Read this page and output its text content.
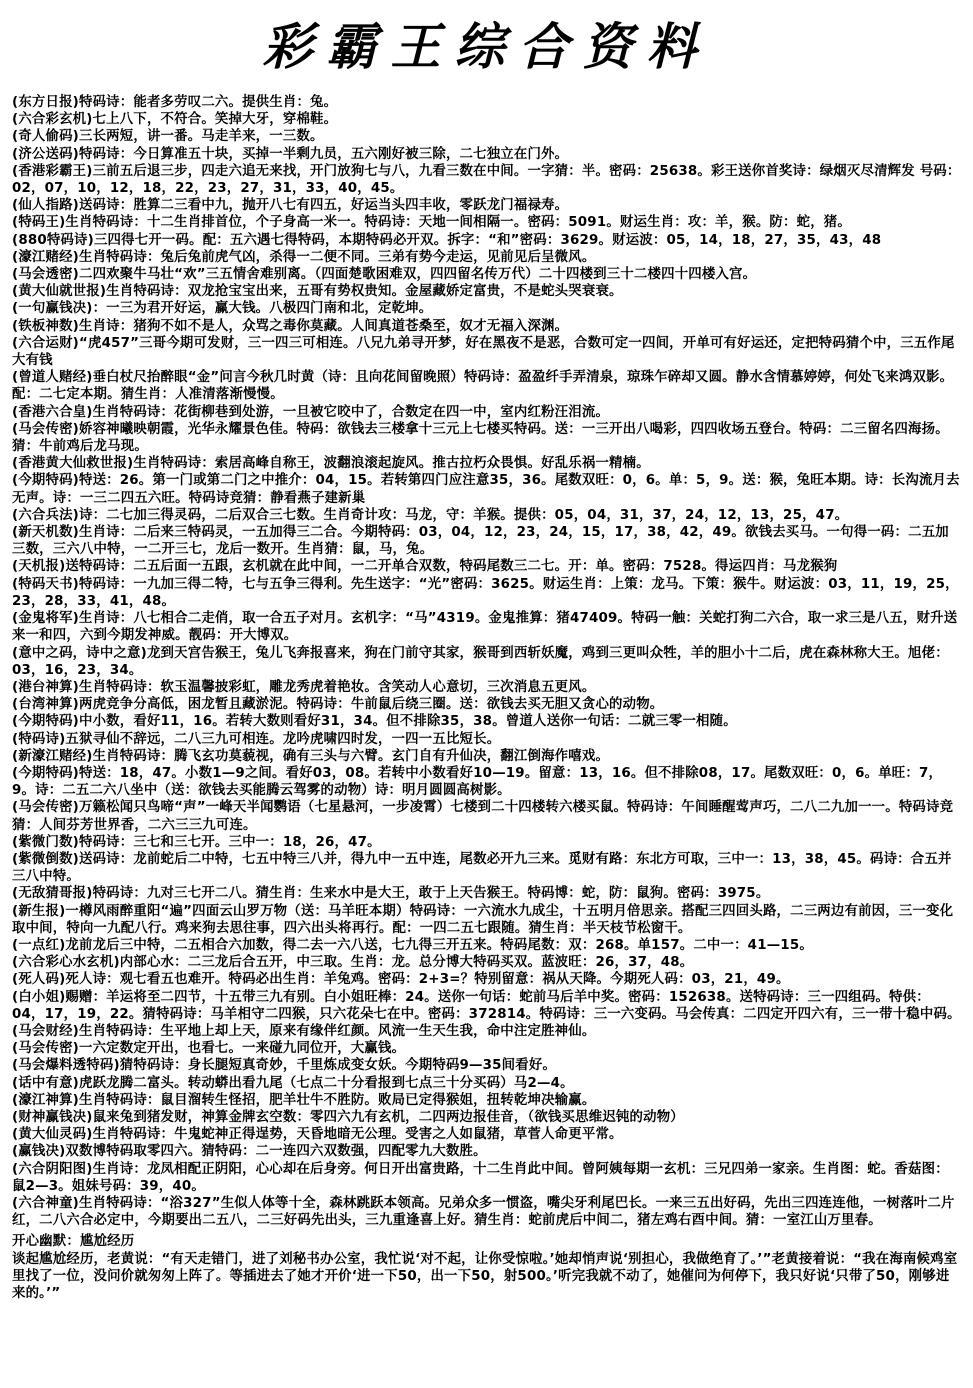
彩霸王综合资料

(东方日报)特码诗：能者多劳叹二六。提供生肖：兔。

(六合彩玄机)七上八下，不符合。笑掉大牙，穿棉鞋。

(奇人偷码)三长两短，讲一番。马走羊来，一三数。

(济公送码)特码诗：今日算准五十块，买掉一半剩九员，五六刚好被三除，二七独立在门外。

(香港彩霸王)三前五后退三步，四走六追无来找，开门放狗七与八，九看三数在中间。一字猜：半。密码：25638。彩王送你首奖诗：绿烟灭尽清辉发 号码：02，07，10，12，18，22，23，27，31，33，40，45。

(仙人指路)送码诗：胜算二三看中九，抛开八七有四五，好运当头四丰收，零跃龙门福禄寿。

(特码王)生肖特码诗：十二生肖排首位，个子身高一米一。特码诗：天地一间相隔一。密码：5091。财运生肖：攻：羊，猴。防：蛇，猪。

(880特码诗)三四得七开一码。配：五六遇七得特码，本期特码必开双。拆字：“和”密码：3629。财运波：05，14，18，27，35，43，48

(濠江赌经)生肖特码诗：兔后兔前虎气凶，杀得一二便不同。三弟有势今走运，见前见后呈微风。

(马会透密)二四欢聚牛马壮“欢”三五情舍难别离。（四面楚歌困难双，四四留名传万代）二十四楼到三十二楼四十四楼入宫。

(黄大仙就世报)生肖特码诗：双龙抢宝宝出来，五哥有势权贵知。金屋藏娇定富贵，不是蛇头哭衰衰。

(一句赢钱决)：一三为君开好运，赢大钱。八极四门南和北，定乾坤。

(铁板神数)生肖诗：猪狗不如不是人，众骂之毒你莫藏。人间真道苍桑至，奴才无福入深渊。

(六合运财)“虎457”三哥今期可发财，三一四三可相连。八兄九弟寻开梦，好在黑夜不是恶，合数可定一四间，开单可有好运还，定把特码猜个中，三五作尾大有钱

(曾道人赌经)垂白杖尺抬醉眼“金”问言今秋几时黄（诗：且向花间留晚照）特码诗：盈盈纤手弄清泉，琼珠乍碎却又圆。静水含情慕婷婷，何处飞来鸿双影。配：二七定本期。猜生肖：人准清落渐慢慢。

(香港六合皇)生肖特码诗：花街柳巷到处游，一旦被它咬中了，合数定在四一中，室内红粉汪泪流。

(马会传密)娇容神曦映朝霞，光华永耀景色佳。特码：欲钱去三楼拿十三元上七楼买特码。送：一三开出八喝彩，四四收场五登台。特码：二三留名四海扬。猜：牛前鸡后龙马现。

(香港黄大仙救世报)生肖特码诗：索居高峰自称王，波翻浪滚起旋风。推古拉朽众畏惧。好乱乐祸一精楠。

(今期特码)特送：26。第一门或第二门之中推介：04，15。若转第四门应注意35，36。尾数双旺：0，6。单：5，9。送：猴，兔旺本期。诗：长沟流月去无声。诗：一三二四五六旺。特码诗竞猜：静看燕子建新巢

(六合兵法)诗：二七加三得灵码，二后双合三七数。生肖奇计攻：马龙，守：羊猴。提供：05，04，31，37，24，12，13，25，47。

(新天机数)生肖诗：二后来三特码灵，一五加得三二合。今期特码：03，04，12，23，24，15，17，38，42，49。欲钱去买马。一句得一码：二五加三数，三六八中特，一二开三七，龙后一数开。生肖猜：鼠，马，兔。

(天机报)送特码诗：二五后面一五跟，玄机就在此中间，一二开单合双数，特码尾数三二七。开：单。密码：7528。得运四肖：马龙猴狗

(特码天书)特码诗：一九加三得二特，七与五争三得利。先生送字：“光”密码：3625。财运生肖：上策：龙马。下策：猴牛。财运波：03，11，19，25，23，28，33，41，48。

(金鬼将军)生肖诗：八七相合二走俏，取一合五子对月。玄机字：“马”4319。金鬼推算：猪47409。特码一触：关蛇打狗二六合，取一求三是八五，财升送来一和四，六到今期发神威。靓码：开大博双。

(意中之码，诗中之意)龙到天宫告猴王，兔儿飞奔报喜来，狗在门前守其家，猴哥到西斩妖魔，鸡到三更叫众牲，羊的胆小十二后，虎在森林称大王。旭佬：03，16，23，34。

(港台神算)生肖特码诗：软玉温馨披彩虹，雕龙秀虎着艳妆。含笑动人心意切，三次消息五更风。

(台湾神算)两虎竞争分高低，困龙暂且藏淤泥。特码诗：牛前鼠后绕三圈。送：欲钱去买无胆又贪心的动物。

(今期特码)中小数，看好11，16。若转大数则看好31，34。但不排除35，38。曾道人送你一句话：二就三零一相随。

(特码诗)五狱寻仙不辞远，二八三九可相连。龙吟虎啸四时发，一四一五比短长。

(新濠江赌经)生肖特码诗：腾飞玄功莫藐视，确有三头与六臂。玄门自有升仙决，翻江倒海作嘻戏。

(今期特码)特送：18，47。小数1—9之间。看好03，08。若转中小数看好10—19。留意：13，16。但不排除08，17。尾数双旺：0，6。单旺：7，9。诗：二五二六八坐中（送：欲钱去买能腾云驾雾的动物）诗：明月圆圆高树影。

(马会传密)万籁松闻只鸟啼“声”一峰天半闻鹦语（七星悬河，一步凌霄）七楼到二十四楼转六楼买鼠。特码诗：午间睡醒莺声巧，二八二九加一一。特码诗竞猜：人间芬芳世界香，二六三三九可连。

(紫微门数)特码诗：三七和三七开。三中一：18，26，47。

(紫微倒数)送码诗：龙前蛇后二中特，七五中特三八并，得九中一五中连，尾数必开九三来。觅财有路：东北方可取，三中一：13，38，45。码诗：合五并三八中特。

(无敌猜哥报)特码诗：九对三七开二八。猜生肖：生来水中是大王，敢于上天告猴王。特码博：蛇，防：鼠狗。密码：3975。

(新生报)一樽风雨醉重阳“遍”四面云山罗万物（送：马羊旺本期）特码诗：一六流水九成尘，十五明月倍思亲。搭配三四回头路，二三两边有前因，三一变化取中间，特向一九配八行。鸡来狗去思往事，四六出头将再行。配：一四二五七跟随。猜生肖：半天枝节松窗干。

(一点红)龙前龙后三中特，二五相合六加数，得二去一六八送，七九得三开五来。特码尾数：双：268。单157。二中一：41—15。

(六合彩心水玄机)内部心水：二三龙后合五开，中三取。生肖：龙。总分博大特码买双。蓝波旺：26，37，48。

(死人码)死人诗：观七看五也难开。特码必出生肖：羊兔鸡。密码：2+3=？特别留意：祸从天降。今期死人码：03，21，49。

(白小姐)赐赠：羊运将至二四节，十五带三九有别。白小姐旺棒：24。送你一句话：蛇前马后羊中奖。密码：152638。送特码诗：三一四组码。特供：04，17，19，22。猜特码诗：马羊相守二四猴，只六花朵七在中。密码：372814。特码诗：三一六变码。马会传真：二四定开四六有，三一带十稳中码。

(马会财经)生肖特码诗：生平地上却上天，原来有缘伴红颜。风流一生天生我，命中注定胜神仙。

(马会传密)一六定数定开出，也看七。一来碰九同位开，大赢钱。

(马会爆料透特码)猜特码诗：身长腿短真奇妙，千里炼成变女妖。今期特码9—35间看好。

(话中有意)虎跃龙腾二富头。转动蟒出看九尾（七点二十分看报到七点三十分买码）马2—4。

(濠江神算)生肖特码诗：鼠目溜转生怪招，肥羊壮牛不胜防。败局已定得猴姐，扭转乾坤决输赢。

(财神赢钱决)鼠来兔到猪发财，神算金牌玄空数：零四六九有玄机，二四两边报佳音，（欲钱买思维迟钝的动物）

(黄大仙灵码)生肖特码诗：牛鬼蛇神正得逞势，天昏地暗无公理。受害之人如鼠猪，草菅人命更平常。

(赢钱决)双数博特码取零四六。猜特码：二一连四六双数强，四配零九大数胜。

(六合阴阳图)生肖诗：龙凤相配正阴阳，心心却在后身旁。何日开出富贵路，十二生肖此中间。曾阿姨每期一玄机：三兄四弟一家亲。生肖图：蛇。香菇图：鼠2—3。姐妹号码：39，40。

(六合神童)生肖特码诗：“浴327”生似人体等十全，森林跳跃本领高。兄弟众多一惯盗，嘴尖牙利尾巴长。一来三五出好码，先出三四连连他，一树落叶二片红，二八六合必定中，今期要出二五八，二三好码先出头，三九重逢喜上好。猜生肖：蛇前虎后中间二，猪左鸡右酉中间。猜：一室江山万里春。

开心幽默：尴尬经历

谈起尴尬经历，老黄说：“有天走错门，进了刘秘书办公室，我忙说‘对不起，让你受惊啦。’她却悄声说‘别担心，我做绝育了。’”老黄接着说：“我在海南候鸡室里找了一位，没问价就匆匆上阵了。等插进去了她才开价‘进一下50，出一下50，射500。’听完我就不动了，她催问为何停下，我只好说‘只带了50，刚够进来的。’”
